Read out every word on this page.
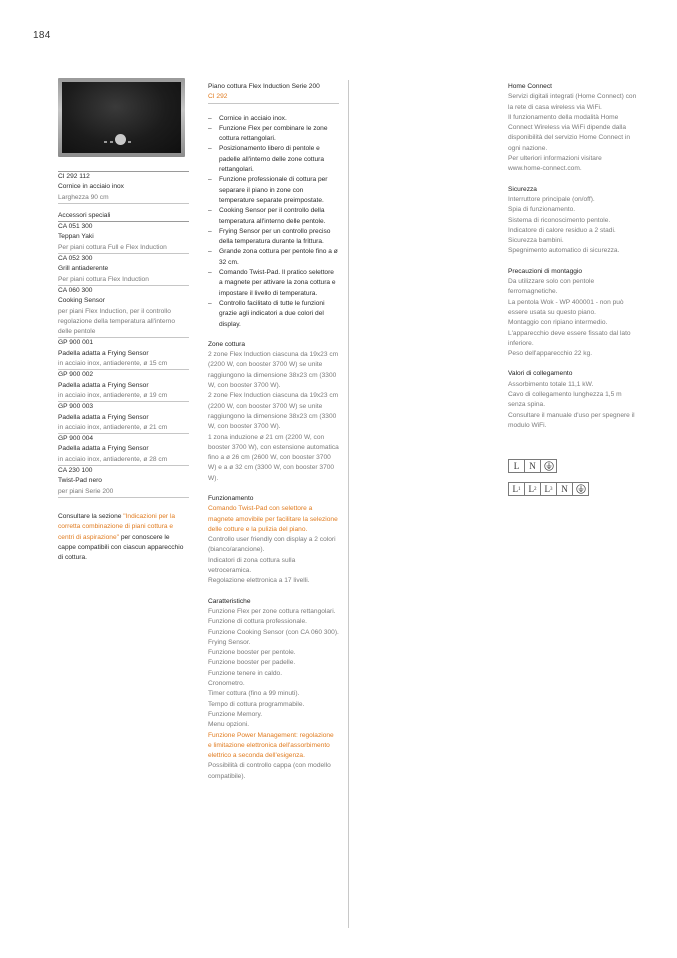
184
CI 292 112
Cornice in acciaio inox
Larghezza 90 cm
Accessori speciali
CA 051 300
Teppan Yaki
Per piani cottura Full e Flex Induction
CA 052 300
Grill antiaderente
Per piani cottura Flex Induction
CA 060 300
Cooking Sensor
per piani Flex Induction, per il controllo regolazione della temperatura all'interno delle pentole
GP 900 001
Padella adatta a Frying Sensor
in acciaio inox, antiaderente, ø 15 cm
GP 900 002
Padella adatta a Frying Sensor
in acciaio inox, antiaderente, ø 19 cm
GP 900 003
Padella adatta a Frying Sensor
in acciaio inox, antiaderente, ø 21 cm
GP 900 004
Padella adatta a Frying Sensor
in acciaio inox, antiaderente, ø 28 cm
CA 230 100
Twist-Pad nero
per piani Serie 200
Consultare la sezione "Indicazioni per la corretta combinazione di piani cottura e centri di aspirazione" per conoscere le cappe compatibili con ciascun apparecchio di cottura.
Piano cottura Flex Induction Serie 200
CI 292
– Cornice in acciaio inox.
– Funzione Flex per combinare le zone cottura rettangolari.
– Posizionamento libero di pentole e padelle all'interno delle zone cottura rettangolari.
– Funzione professionale di cottura per separare il piano in zone con temperature separate preimpostate.
– Cooking Sensor per il controllo della temperatura all'interno delle pentole.
– Frying Sensor per un controllo preciso della temperatura durante la frittura.
– Grande zona cottura per pentole fino a ø 32 cm.
– Comando Twist-Pad. Il pratico selettore a magnete per attivare la zona cottura e impostare il livello di temperatura.
– Controllo facilitato di tutte le funzioni grazie agli indicatori a due colori del display.
Zone cottura
2 zone Flex Induction ciascuna da 19x23 cm (2200 W, con booster 3700 W) se unite raggiungono la dimensione 38x23 cm (3300 W, con booster 3700 W).
2 zone Flex Induction ciascuna da 19x23 cm (2200 W, con booster 3700 W) se unite raggiungono la dimensione 38x23 cm (3300 W, con booster 3700 W).
1 zona induzione ø 21 cm (2200 W, con booster 3700 W), con estensione automatica fino a ø 26 cm (2600 W, con booster 3700 W) e a ø 32 cm (3300 W, con booster 3700 W).
Funzionamento
Comando Twist-Pad con selettore a magnete amovibile per facilitare la selezione delle cotture e la pulizia del piano.
Controllo user friendly con display a 2 colori (bianco/arancione).
Indicatori di zona cottura sulla vetroceramica.
Regolazione elettronica a 17 livelli.
Caratteristiche
Funzione Flex per zone cottura rettangolari.
Funzione di cottura professionale.
Funzione Cooking Sensor (con CA 060 300).
Frying Sensor.
Funzione booster per pentole.
Funzione booster per padelle.
Funzione tenere in caldo.
Cronometro.
Timer cottura (fino a 99 minuti).
Tempo di cottura programmabile.
Funzione Memory.
Menu opzioni.
Funzione Power Management: regolazione e limitazione elettronica dell'assorbimento elettrico a seconda dell'esigenza.
Possibilità di controllo cappa (con modello compatibile).
Home Connect
Servizi digitali integrati (Home Connect) con la rete di casa wireless via WiFi.
Il funzionamento della modalità Home Connect Wireless via WiFi dipende dalla disponibilità del servizio Home Connect in ogni nazione.
Per ulteriori informazioni visitare www.home-connect.com.
Sicurezza
Interruttore principale (on/off).
Spia di funzionamento.
Sistema di riconoscimento pentole.
Indicatore di calore residuo a 2 stadi.
Sicurezza bambini.
Spegnimento automatico di sicurezza.
Precauzioni di montaggio
Da utilizzare solo con pentole ferromagnetiche.
La pentola Wok - WP 400001 - non può essere usata su questo piano.
Montaggio con ripiano intermedio.
L'apparecchio deve essere fissato dal lato inferiore.
Peso dell'apparecchio 22 kg.
Valori di collegamento
Assorbimento totale 11,1 kW.
Cavo di collegamento lunghezza 1,5 m senza spina.
Consultare il manuale d'uso per spegnere il modulo WiFi.
L	N
L 1 L 2 L 3 N
